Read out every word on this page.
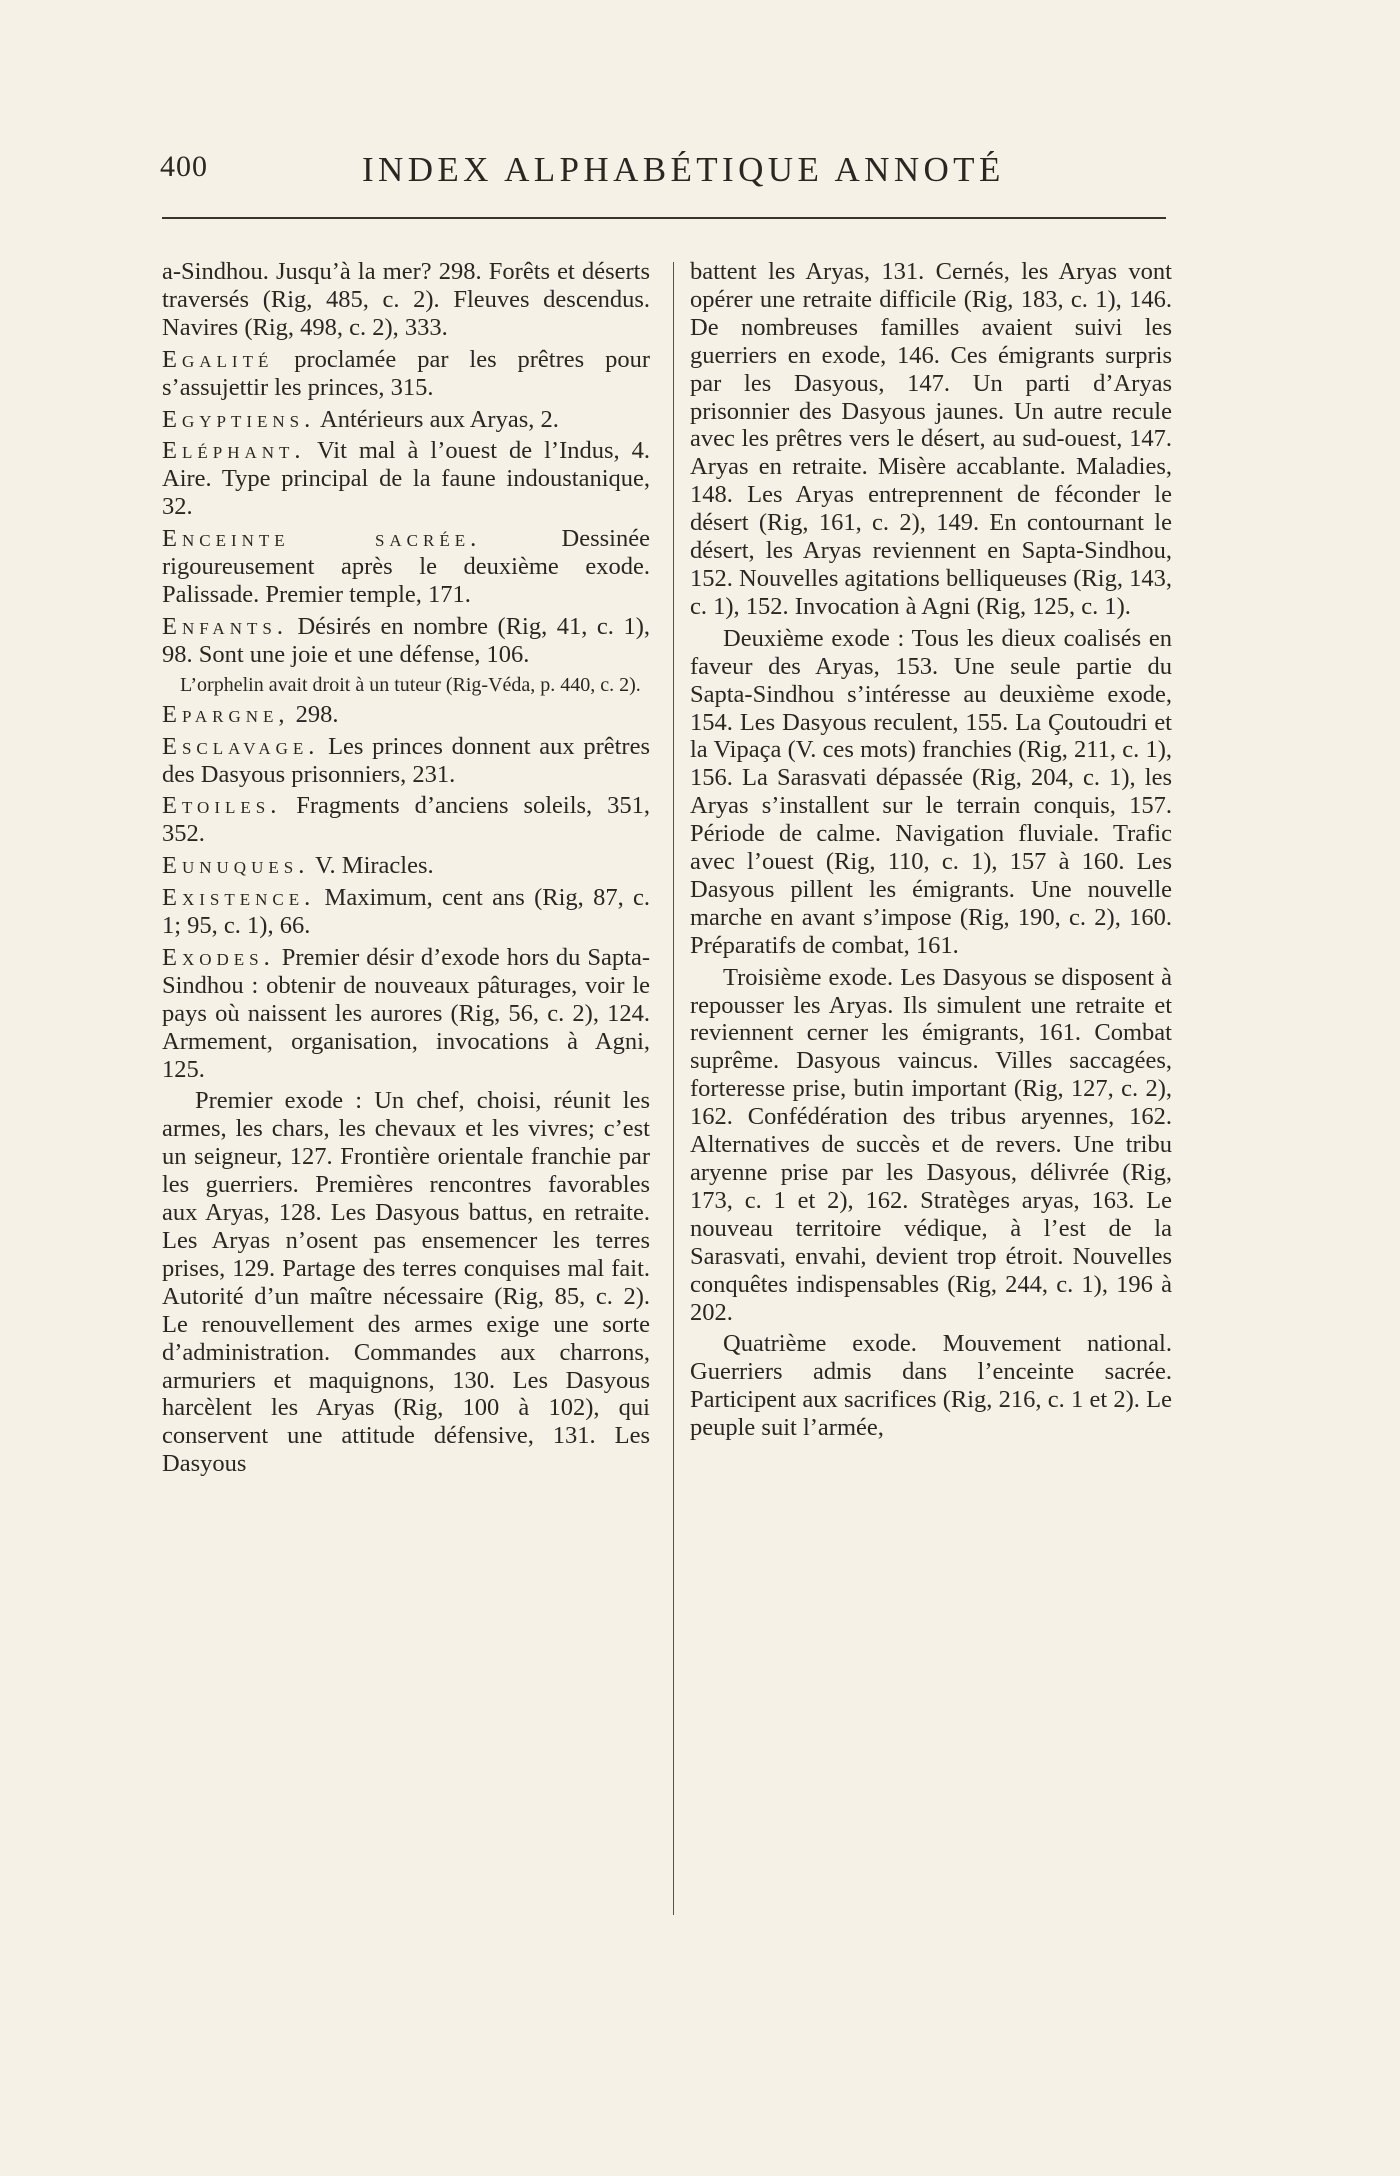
400	INDEX ALPHABÉTIQUE ANNOTÉ

a-Sindhou. Jusqu’à la mer? 298. Forêts et déserts traversés (Rig, 485, c. 2). Fleuves descendus. Navires (Rig, 498, c. 2), 333.

Egalité proclamée par les prêtres pour s’assujettir les princes, 315.

Egyptiens. Antérieurs aux Aryas, 2.

Eléphant. Vit mal à l’ouest de l’Indus, 4. Aire. Type principal de la faune indoustanique, 32.

Enceinte sacrée. Dessinée rigoureusement après le deuxième exode. Palissade. Premier temple, 171.

Enfants. Désirés en nombre (Rig, 41, c. 1), 98. Sont une joie et une défense, 106.

L’orphelin avait droit à un tuteur (Rig-Véda, p. 440, c. 2).

Epargne, 298.

Esclavage. Les princes donnent aux prêtres des Dasyous prisonniers, 231.

Etoiles. Fragments d’anciens soleils, 351, 352.

Eunuques. V. Miracles.

Existence. Maximum, cent ans (Rig, 87, c. 1; 95, c. 1), 66.

Exodes. Premier désir d’exode hors du Sapta-Sindhou : obtenir de nouveaux pâturages, voir le pays où naissent les aurores (Rig, 56, c. 2), 124. Armement, organisation, invocations à Agni, 125.

Premier exode : Un chef, choisi, réunit les armes, les chars, les chevaux et les vivres; c’est un seigneur, 127. Frontière orientale franchie par les guerriers. Premières rencontres favorables aux Aryas, 128. Les Dasyous battus, en retraite. Les Aryas n’osent pas ensemencer les terres prises, 129. Partage des terres conquises mal fait. Autorité d’un maître nécessaire (Rig, 85, c. 2). Le renouvellement des armes exige une sorte d’administration. Commandes aux charrons, armuriers et maquignons, 130. Les Dasyous harcèlent les Aryas (Rig, 100 à 102), qui conservent une attitude défensive, 131. Les Dasyous

battent les Aryas, 131. Cernés, les Aryas vont opérer une retraite difficile (Rig, 183, c. 1), 146. De nombreuses familles avaient suivi les guerriers en exode, 146. Ces émigrants surpris par les Dasyous, 147. Un parti d’Aryas prisonnier des Dasyous jaunes. Un autre recule avec les prêtres vers le désert, au sud-ouest, 147. Aryas en retraite. Misère accablante. Maladies, 148. Les Aryas entreprennent de féconder le désert (Rig, 161, c. 2), 149. En contournant le désert, les Aryas reviennent en Sapta-Sindhou, 152. Nouvelles agitations belliqueuses (Rig, 143, c. 1), 152. Invocation à Agni (Rig, 125, c. 1).

Deuxième exode : Tous les dieux coalisés en faveur des Aryas, 153. Une seule partie du Sapta-Sindhou s’intéresse au deuxième exode, 154. Les Dasyous reculent, 155. La Çoutoudri et la Vipaça (V. ces mots) franchies (Rig, 211, c. 1), 156. La Sarasvati dépassée (Rig, 204, c. 1), les Aryas s’installent sur le terrain conquis, 157. Période de calme. Navigation fluviale. Trafic avec l’ouest (Rig, 110, c. 1), 157 à 160. Les Dasyous pillent les émigrants. Une nouvelle marche en avant s’impose (Rig, 190, c. 2), 160. Préparatifs de combat, 161.

Troisième exode. Les Dasyous se disposent à repousser les Aryas. Ils simulent une retraite et reviennent cerner les émigrants, 161. Combat suprême. Dasyous vaincus. Villes saccagées, forteresse prise, butin important (Rig, 127, c. 2), 162. Confédération des tribus aryennes, 162. Alternatives de succès et de revers. Une tribu aryenne prise par les Dasyous, délivrée (Rig, 173, c. 1 et 2), 162. Stratèges aryas, 163. Le nouveau territoire védique, à l’est de la Sarasvati, envahi, devient trop étroit. Nouvelles conquêtes indispensables (Rig, 244, c. 1), 196 à 202.

Quatrième exode. Mouvement national. Guerriers admis dans l’enceinte sacrée. Participent aux sacrifices (Rig, 216, c. 1 et 2). Le peuple suit l’armée,
